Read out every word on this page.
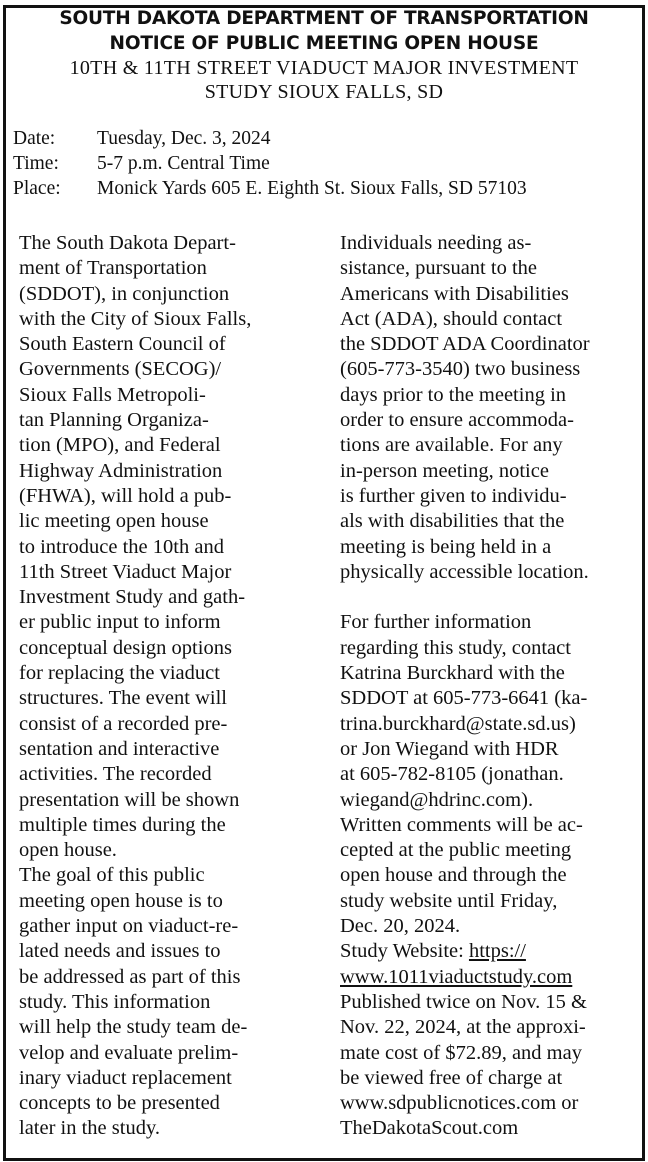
SOUTH DAKOTA DEPARTMENT OF TRANSPORTATION
NOTICE OF PUBLIC MEETING OPEN HOUSE
10TH & 11TH STREET VIADUCT MAJOR INVESTMENT
STUDY SIOUX FALLS, SD
Date: Tuesday, Dec. 3, 2024
Time: 5-7 p.m. Central Time
Place: Monick Yards 605 E. Eighth St. Sioux Falls, SD 57103
The South Dakota Depart-
ment of Transportation
(SDDOT), in conjunction
with the City of Sioux Falls,
South Eastern Council of
Governments (SECOG)/
Sioux Falls Metropoli-
tan Planning Organiza-
tion (MPO), and Federal
Highway Administration
(FHWA), will hold a pub-
lic meeting open house
to introduce the 10th and
11th Street Viaduct Major
Investment Study and gath-
er public input to inform
conceptual design options
for replacing the viaduct
structures. The event will
consist of a recorded pre-
sentation and interactive
activities. The recorded
presentation will be shown
multiple times during the
open house.
The goal of this public
meeting open house is to
gather input on viaduct-re-
lated needs and issues to
be addressed as part of this
study. This information
will help the study team de-
velop and evaluate prelim-
inary viaduct replacement
concepts to be presented
later in the study.
Individuals needing as-
sistance, pursuant to the
Americans with Disabilities
Act (ADA), should contact
the SDDOT ADA Coordinator
(605-773-3540) two business
days prior to the meeting in
order to ensure accommoda-
tions are available. For any
in-person meeting, notice
is further given to individu-
als with disabilities that the
meeting is being held in a
physically accessible location.
For further information
regarding this study, contact
Katrina Burckhard with the
SDDOT at 605-773-6641 (ka-
trina.burckhard@state.sd.us)
or Jon Wiegand with HDR
at 605-782-8105 (jonathan.
wiegand@hdrinc.com).
Written comments will be ac-
cepted at the public meeting
open house and through the
study website until Friday,
Dec. 20, 2024.
Study Website: https://
www.1011viaductstudy.com
Published twice on Nov. 15 &
Nov. 22, 2024, at the approxi-
mate cost of $72.89, and may
be viewed free of charge at
www.sdpublicnotices.com or
TheDakotaScout.com
